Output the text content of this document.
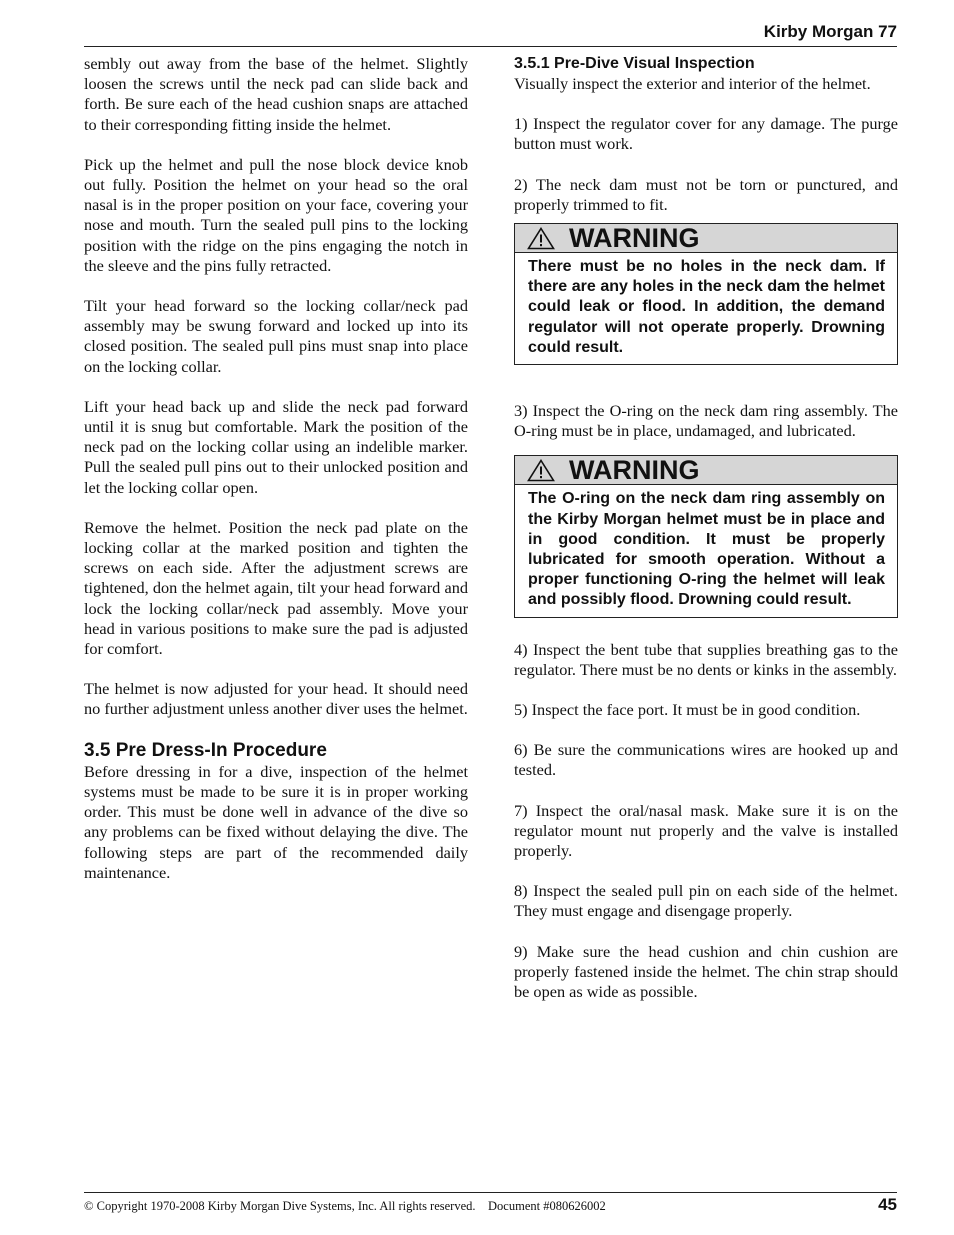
Kirby Morgan 77

sembly out away from the base of the helmet. Slightly loosen the screws until the neck pad can slide back and forth. Be sure each of the head cushion snaps are attached to their corresponding fitting inside the helmet.

Pick up the helmet and pull the nose block device knob out fully. Position the helmet on your head so the oral nasal is in the proper position on your face, covering your nose and mouth. Turn the sealed pull pins to the locking position with the ridge on the pins engaging the notch in the sleeve and the pins fully retracted.

Tilt your head forward so the locking collar/neck pad assembly may be swung forward and locked up into its closed position. The sealed pull pins must snap into place on the locking collar.

Lift your head back up and slide the neck pad forward until it is snug but comfortable. Mark the position of the neck pad on the locking collar using an indelible marker. Pull the sealed pull pins out to their unlocked position and let the locking collar open.

Remove the helmet. Position the neck pad plate on the locking collar at the marked position and tighten the screws on each side. After the adjustment screws are tightened, don the helmet again, tilt your head forward and lock the locking collar/neck pad assembly. Move your head in various positions to make sure the pad is adjusted for comfort.

The helmet is now adjusted for your head. It should need no further adjustment unless another diver uses the helmet.

3.5 Pre Dress-In Procedure

Before dressing in for a dive, inspection of the helmet systems must be made to be sure it is in proper working order. This must be done well in advance of the dive so any problems can be fixed without delaying the dive. The following steps are part of the recommended daily maintenance.

3.5.1 Pre-Dive Visual Inspection

Visually inspect the exterior and interior of the helmet.

1) Inspect the regulator cover for any damage. The purge button must work.

2) The neck dam must not be torn or punctured, and properly trimmed to fit.

WARNING
There must be no holes in the neck dam. If there are any holes in the neck dam the helmet could leak or flood. In addition, the demand regulator will not operate properly. Drowning could result.

3) Inspect the O-ring on the neck dam ring assembly. The O-ring must be in place, undamaged, and lubricated.

WARNING
The O-ring on the neck dam ring assembly on the Kirby Morgan helmet must be in place and in good condition. It must be properly lubricated for smooth operation. Without a proper functioning O-ring the helmet will leak and possibly flood. Drowning could result.

4) Inspect the bent tube that supplies breathing gas to the regulator. There must be no dents or kinks in the assembly.

5) Inspect the face port. It must be in good condition.

6) Be sure the communications wires are hooked up and tested.

7) Inspect the oral/nasal mask. Make sure it is on the regulator mount nut properly and the valve is installed properly.

8) Inspect the sealed pull pin on each side of the helmet. They must engage and disengage properly.

9) Make sure the head cushion and chin cushion are properly fastened inside the helmet. The chin strap should be open as wide as possible.

© Copyright 1970-2008 Kirby Morgan Dive Systems, Inc. All rights reserved.    Document #080626002	45
